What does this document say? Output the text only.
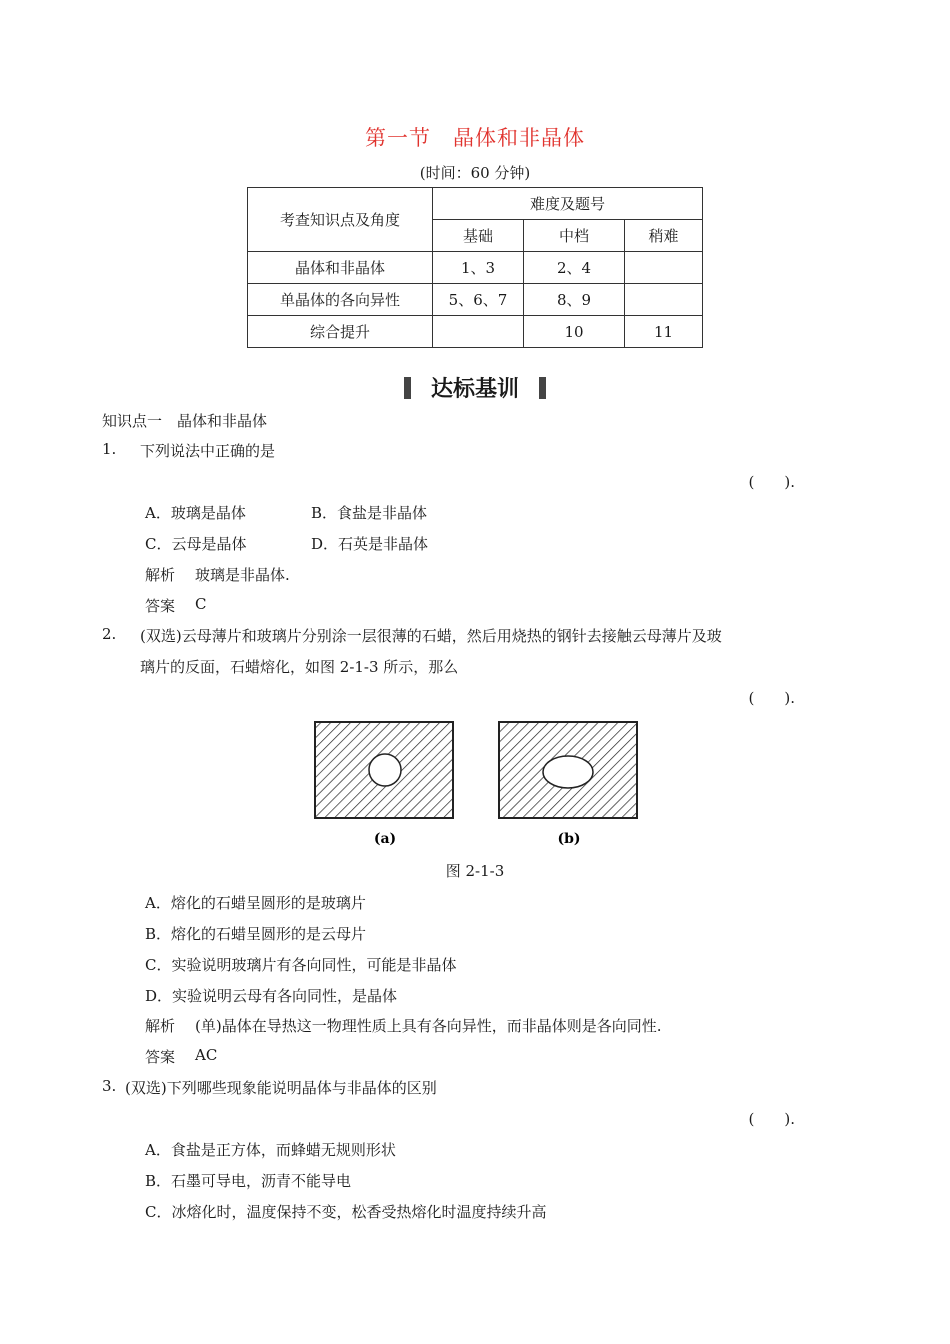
第一节　晶体和非晶体
(时间：60 分钟)
考查知识点及角度	难度及题号		
	基础	中档	稍难
晶体和非晶体	1、3	2、4	
单晶体的各向异性	5、6、7	8、9	
综合提升		10	11
达标基训
知识点一　晶体和非晶体
1. 下列说法中正确的是
(　　).
A．玻璃是晶体	B．食盐是非晶体
C．云母是晶体	D．石英是非晶体
解析 玻璃是非晶体.
答案 C
2. (双选)云母薄片和玻璃片分别涂一层很薄的石蜡，然后用烧热的钢针去接触云母薄片及玻
璃片的反面，石蜡熔化，如图 2-1-3 所示，那么
(　　).
(a)	(b)
图 2-1-3
A．熔化的石蜡呈圆形的是玻璃片
B．熔化的石蜡呈圆形的是云母片
C．实验说明玻璃片有各向同性，可能是非晶体
D．实验说明云母有各向同性，是晶体
解析 (单)晶体在导热这一物理性质上具有各向异性，而非晶体则是各向同性.
答案 AC
3. (双选)下列哪些现象能说明晶体与非晶体的区别
(　　).
A．食盐是正方体，而蜂蜡无规则形状
B．石墨可导电，沥青不能导电
C．冰熔化时，温度保持不变，松香受热熔化时温度持续升高
